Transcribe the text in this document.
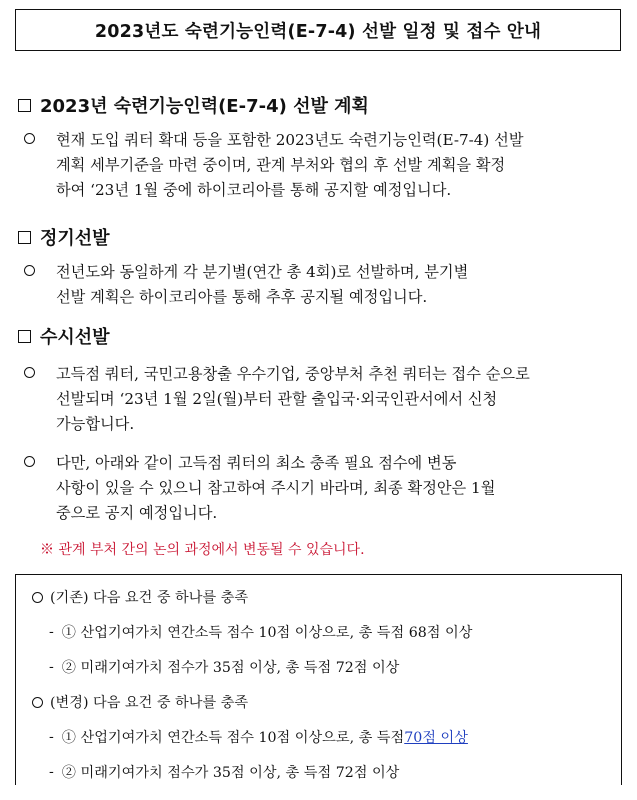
2023년도 숙련기능인력(E-7-4) 선발 일정 및 접수 안내
2023년 숙련기능인력(E-7-4) 선발 계획
현재 도입 쿼터 확대 등을 포함한 2023년도 숙련기능인력(E-7-4) 선발
계획 세부기준을 마련 중이며, 관계 부처와 협의 후 선발 계획을 확정
하여 ‘23년 1월 중에 하이코리아를 통해 공지할 예정입니다.
정기선발
전년도와 동일하게 각 분기별(연간 총 4회)로 선발하며, 분기별
선발 계획은 하이코리아를 통해 추후 공지될 예정입니다.
수시선발
고득점 쿼터, 국민고용창출 우수기업, 중앙부처 추천 쿼터는 접수 순으로
선발되며 ‘23년 1월 2일(월)부터 관할 출입국·외국인관서에서 신청
가능합니다.
다만, 아래와 같이 고득점 쿼터의 최소 충족 필요 점수에 변동
사항이 있을 수 있으니 참고하여 주시기 바라며, 최종 확정안은 1월
중으로 공지 예정입니다.
※ 관계 부처 간의 논의 과정에서 변동될 수 있습니다.
(기존) 다음 요건 중 하나를 충족
- ① 산업기여가치 연간소득 점수 10점 이상으로, 총 득점 68점 이상
- ② 미래기여가치 점수가 35점 이상, 총 득점 72점 이상
(변경) 다음 요건 중 하나를 충족
- ① 산업기여가치 연간소득 점수 10점 이상으로, 총 득점 70점 이상
- ② 미래기여가치 점수가 35점 이상, 총 득점 72점 이상
